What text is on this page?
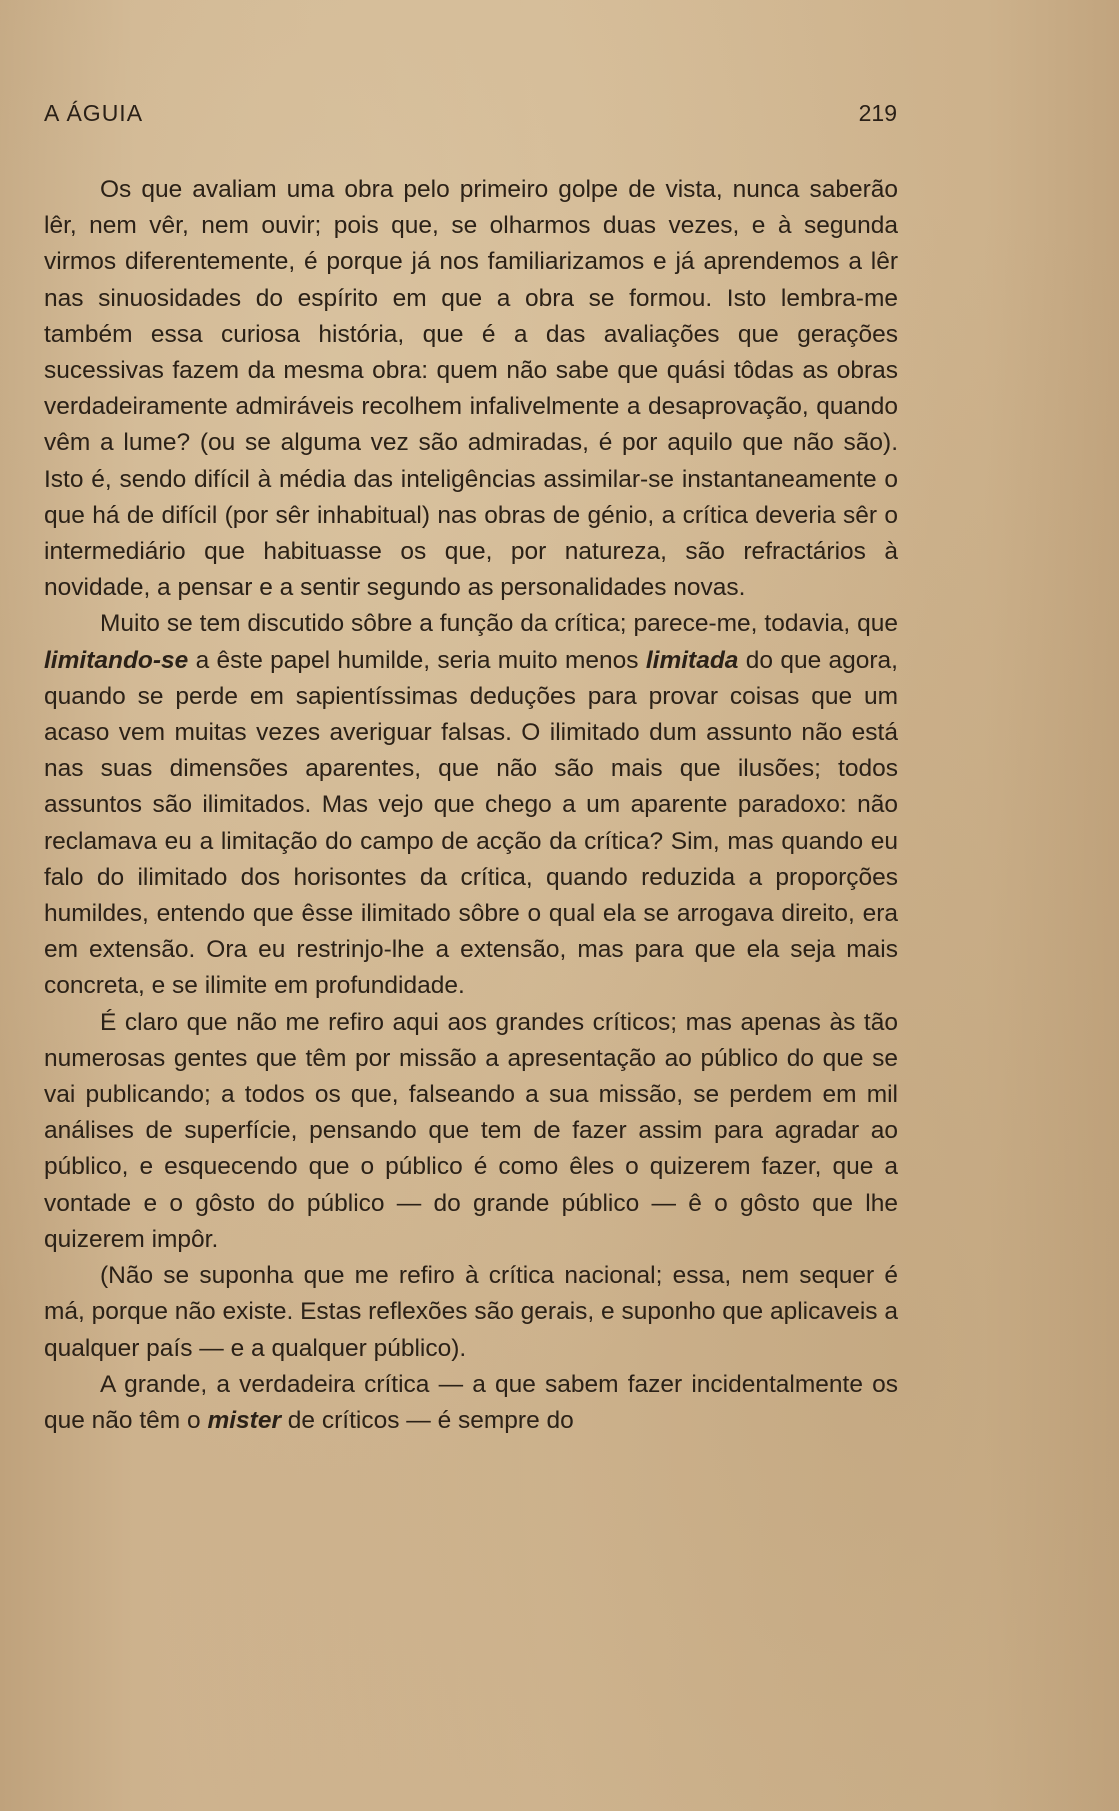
A ÁGUIA	219

Os que avaliam uma obra pelo primeiro golpe de vista, nunca saberão lêr, nem vêr, nem ouvir; pois que, se olharmos duas vezes, e à segunda virmos diferentemente, é porque já nos familiarizamos e já aprendemos a lêr nas sinuosidades do espírito em que a obra se formou. Isto lembra-me também essa curiosa história, que é a das avaliações que gerações sucessivas fazem da mesma obra: quem não sabe que quási tôdas as obras verdadeiramente admiráveis recolhem infalivelmente a desaprovação, quando vêm a lume? (ou se alguma vez são admiradas, é por aquilo que não são). Isto é, sendo difícil à média das inteligências assimilar-se instantaneamente o que há de difícil (por sêr inhabitual) nas obras de génio, a crítica deveria sêr o intermediário que habituasse os que, por natureza, são refractários à novidade, a pensar e a sentir segundo as personalidades novas.

Muito se tem discutido sôbre a função da crítica; parece-me, todavia, que limitando-se a êste papel humilde, seria muito menos limitada do que agora, quando se perde em sapientíssimas deduções para provar coisas que um acaso vem muitas vezes averiguar falsas. O ilimitado dum assunto não está nas suas dimensões aparentes, que não são mais que ilusões; todos assuntos são ilimitados. Mas vejo que chego a um aparente paradoxo: não reclamava eu a limitação do campo de acção da crítica? Sim, mas quando eu falo do ilimitado dos horisontes da crítica, quando reduzida a proporções humildes, entendo que êsse ilimitado sôbre o qual ela se arrogava direito, era em extensão. Ora eu restrinjo-lhe a extensão, mas para que ela seja mais concreta, e se ilimite em profundidade.

É claro que não me refiro aqui aos grandes críticos; mas apenas às tão numerosas gentes que têm por missão a apresentação ao público do que se vai publicando; a todos os que, falseando a sua missão, se perdem em mil análises de superfície, pensando que tem de fazer assim para agradar ao público, e esquecendo que o público é como êles o quizerem fazer, que a vontade e o gôsto do público — do grande público — ê o gôsto que lhe quizerem impôr.

(Não se suponha que me refiro à crítica nacional; essa, nem sequer é má, porque não existe. Estas reflexões são gerais, e suponho que aplicaveis a qualquer país — e a qualquer público).

A grande, a verdadeira crítica — a que sabem fazer incidentalmente os que não têm o mister de críticos — é sempre do
